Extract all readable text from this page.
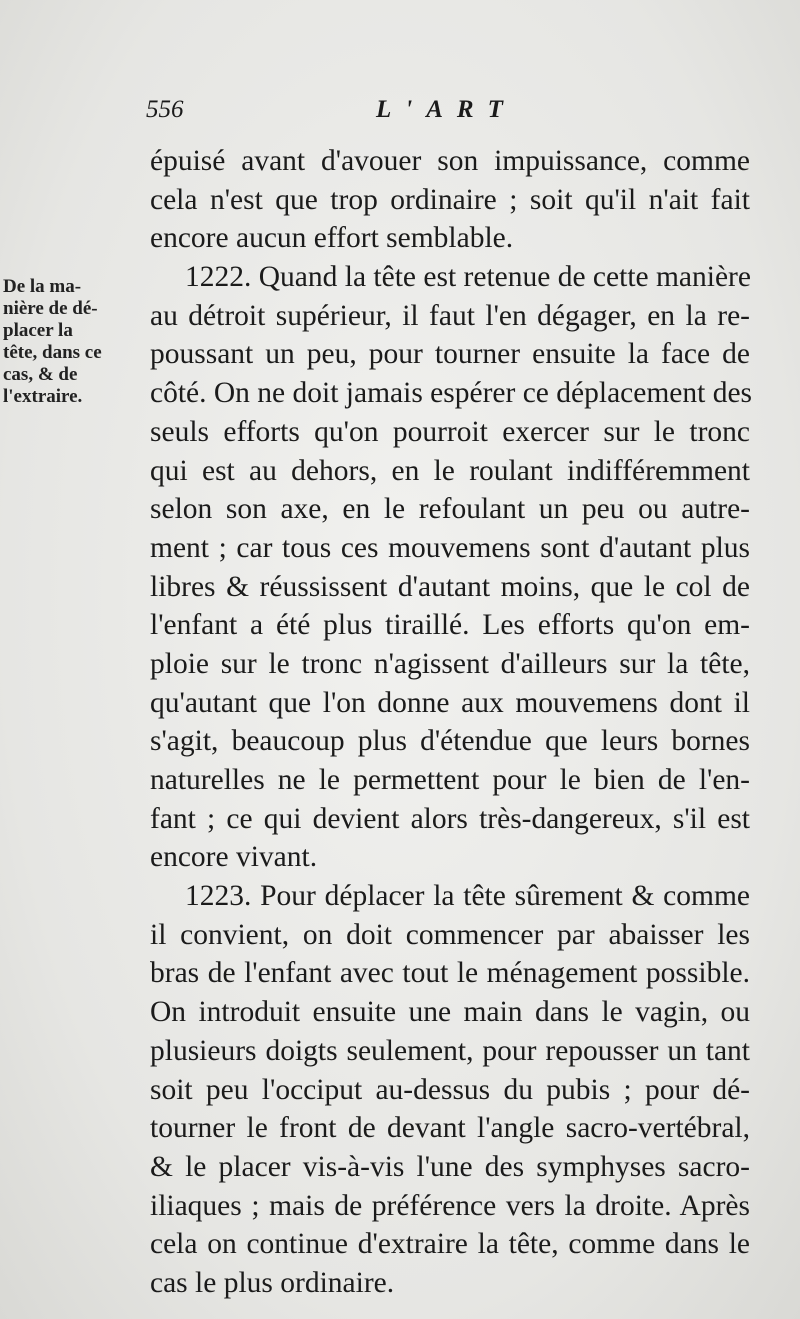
556	L'ART
De la ma-
nière de dé-
placer la
tête, dans ce
cas, & de
l'extraire.
épuisé avant d'avouer son impuissance, comme
cela n'est que trop ordinaire ; soit qu'il n'ait fait
encore aucun effort semblable.
1222. Quand la tête est retenue de cette manière
au détroit supérieur, il faut l'en dégager, en la re-
poussant un peu, pour tourner ensuite la face de
côté. On ne doit jamais espérer ce déplacement des
seuls efforts qu'on pourroit exercer sur le tronc
qui est au dehors, en le roulant indifféremment
selon son axe, en le refoulant un peu ou autre-
ment ; car tous ces mouvemens sont d'autant plus
libres & réussissent d'autant moins, que le col de
l'enfant a été plus tiraillé. Les efforts qu'on em-
ploie sur le tronc n'agissent d'ailleurs sur la tête,
qu'autant que l'on donne aux mouvemens dont il
s'agit, beaucoup plus d'étendue que leurs bornes
naturelles ne le permettent pour le bien de l'en-
fant ; ce qui devient alors très-dangereux, s'il est
encore vivant.
1223. Pour déplacer la tête sûrement & comme
il convient, on doit commencer par abaisser les
bras de l'enfant avec tout le ménagement possible.
On introduit ensuite une main dans le vagin, ou
plusieurs doigts seulement, pour repousser un tant
soit peu l'occiput au-dessus du pubis ; pour dé-
tourner le front de devant l'angle sacro-vertébral,
& le placer vis-à-vis l'une des symphyses sacro-
iliaques ; mais de préférence vers la droite. Après
cela on continue d'extraire la tête, comme dans le
cas le plus ordinaire.
